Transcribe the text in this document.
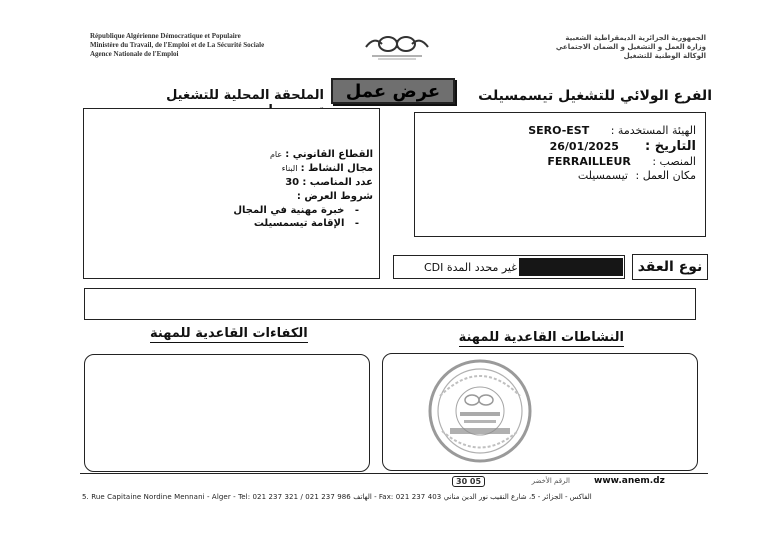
République Algérienne Démocratique et Populaire
Ministère du Travail, de l'Emploi et de La Sécurité Sociale
Agence Nationale de l'Emploi
الجمهورية الجزائرية الديمقراطية الشعبية
وزارة العمل و التشغيل و الضمان الاجتماعي
الوكالة الوطنية للتشغيل
الفرع الولائي للتشغيل تيسمسيلت
الملحقة المحلية للتشغيل	عرض عمل
القطاع القانوني : عام
مجال النشاط : البناء
عدد المناصب : 30
شروط العرض :
-   خبرة مهنية في المجال
-   الإقامة تيسمسيلت
الهيئة المستخدمة : SERO-EST
التاريخ : 26/01/2025
المنصب : FERRAILLEUR
مكان العمل : تيسمسيلت
غير محدد المدة CDI	نوع العقد
النشاطات القاعدية للمهنة
الكفاءات القاعدية للمهنة
www.anem.dz
30 05	الرقم الأخضر
5. Rue Capitaine Nordine Mennani - Alger - Tel: 021 237 321 / 021 237 986 الهاتف - Fax: 021 237 403 الفاكس - الجزائر - 5، شارع النقيب نور الدين مناني
